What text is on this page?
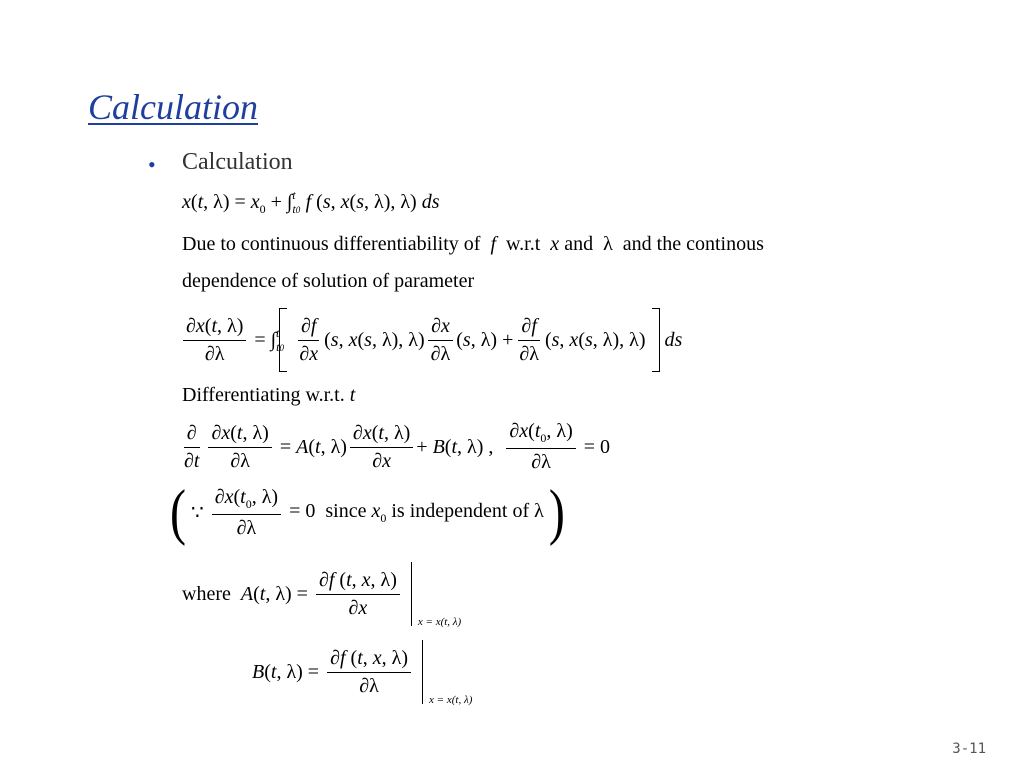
Calculation
• Calculation
x(t, $\lambda) = x_0 + \int_{t0}^t$ f (s, x(s, λ), λ) ds
Due to continuous differentiability of f w.r.t x and λ and the continous
dependence of solution of parameter
$\frac{\partial x(t, \lambda)}{\partial\lambda} = \int_{t0}^t \frac{\partial f}{\partial x} (s$, x(s, λ), $\lambda) \frac{\partial x}{\partial\lambda} (s$, $\lambda) + \frac{\partial f}{\partial\lambda} (s$, x(s, λ), λ) ds
Differentiating w.r.t. t
$\frac{\partial}{\partial t} \frac{\partial x(t, \lambda)}{\partial\lambda} = A(t$, $\lambda) \frac{\partial x(t, \lambda)}{\partial x} + B(t$, λ) , $\frac{\partial x(t_0, \lambda)}{\partial\lambda} = 0$
( ∵ $\frac{\partial x(t_0, \lambda)}{\partial\lambda} = 0$  since $x_0$ is independent of λ )
where A(t, $\lambda) = \frac{\partial f (t, x, \lambda)}{\partial x}$
x = x(t, λ)
B(t, $\lambda) = \frac{\partial f (t, x, \lambda)}{\partial\lambda}$
x = x(t, λ)
3-11
